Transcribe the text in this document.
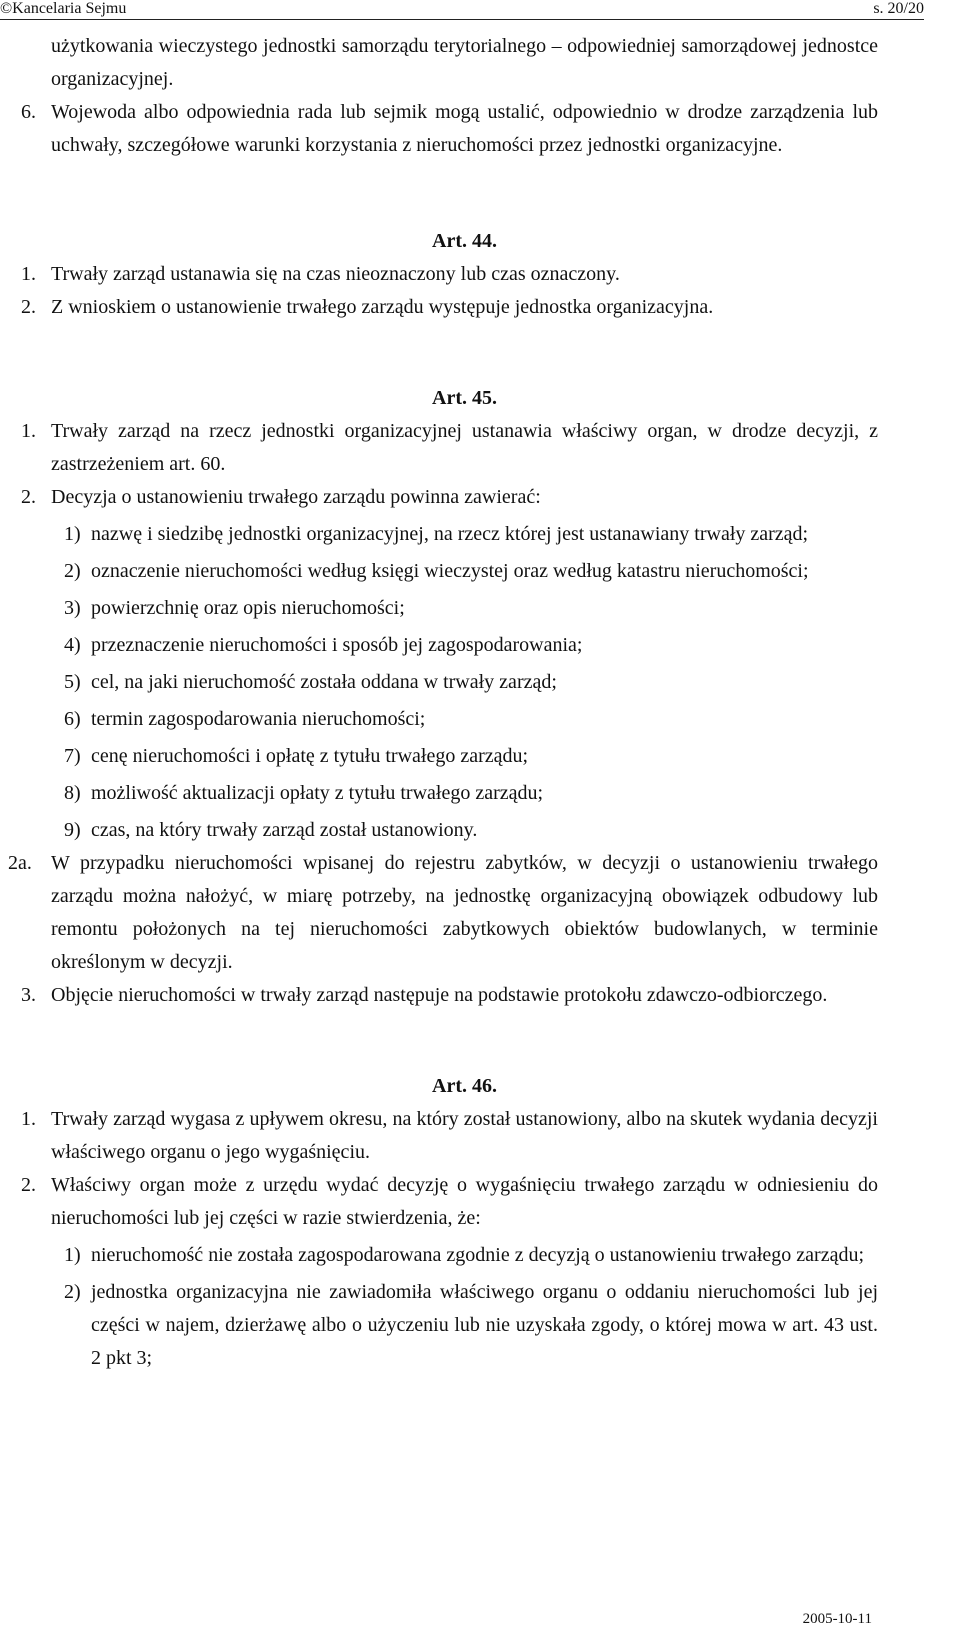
©Kancelaria Sejmu	s. 20/20
użytkowania wieczystego jednostki samorządu terytorialnego – odpowiedniej samorządowej jednostce organizacyjnej.
6. Wojewoda albo odpowiednia rada lub sejmik mogą ustalić, odpowiednio w drodze zarządzenia lub uchwały, szczegółowe warunki korzystania z nieruchomości przez jednostki organizacyjne.
Art. 44.
1. Trwały zarząd ustanawia się na czas nieoznaczony lub czas oznaczony.
2. Z wnioskiem o ustanowienie trwałego zarządu występuje jednostka organizacyjna.
Art. 45.
1. Trwały zarząd na rzecz jednostki organizacyjnej ustanawia właściwy organ, w drodze decyzji, z zastrzeżeniem art. 60.
2. Decyzja o ustanowieniu trwałego zarządu powinna zawierać:
1) nazwę i siedzibę jednostki organizacyjnej, na rzecz której jest ustanawiany trwały zarząd;
2) oznaczenie nieruchomości według księgi wieczystej oraz według katastru nieruchomości;
3) powierzchnię oraz opis nieruchomości;
4) przeznaczenie nieruchomości i sposób jej zagospodarowania;
5) cel, na jaki nieruchomość została oddana w trwały zarząd;
6) termin zagospodarowania nieruchomości;
7) cenę nieruchomości i opłatę z tytułu trwałego zarządu;
8) możliwość aktualizacji opłaty z tytułu trwałego zarządu;
9) czas, na który trwały zarząd został ustanowiony.
2a. W przypadku nieruchomości wpisanej do rejestru zabytków, w decyzji o ustanowieniu trwałego zarządu można nałożyć, w miarę potrzeby, na jednostkę organizacyjną obowiązek odbudowy lub remontu położonych na tej nieruchomości zabytkowych obiektów budowlanych, w terminie określonym w decyzji.
3. Objęcie nieruchomości w trwały zarząd następuje na podstawie protokołu zdawczo-odbiorczego.
Art. 46.
1. Trwały zarząd wygasa z upływem okresu, na który został ustanowiony, albo na skutek wydania decyzji właściwego organu o jego wygaśnięciu.
2. Właściwy organ może z urzędu wydać decyzję o wygaśnięciu trwałego zarządu w odniesieniu do nieruchomości lub jej części w razie stwierdzenia, że:
1) nieruchomość nie została zagospodarowana zgodnie z decyzją o ustanowieniu trwałego zarządu;
2) jednostka organizacyjna nie zawiadomiła właściwego organu o oddaniu nieruchomości lub jej części w najem, dzierżawę albo o użyczeniu lub nie uzyskała zgody, o której mowa w art. 43 ust. 2 pkt 3;
2005-10-11
